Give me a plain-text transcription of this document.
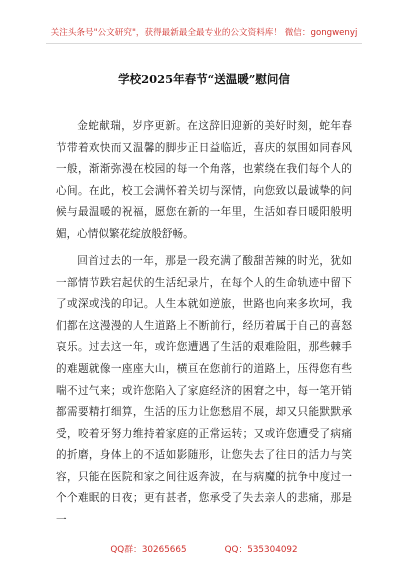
关注头条号"公文研究"，获得最新最全最专业的公文资料库！ 微信：gongwenyj
学校2025年春节“送温暖”慰问信

金蛇献瑞，岁序更新。在这辞旧迎新的美好时刻，蛇年春节带着欢快而又温馨的脚步正日益临近，喜庆的氛围如同春风一般，渐渐弥漫在校园的每一个角落，也萦绕在我们每个人的心间。在此，校工会满怀着关切与深情，向您致以最诚挚的问候与最温暖的祝福，愿您在新的一年里，生活如春日暖阳般明媚，心情似繁花绽放般舒畅。

回首过去的一年，那是一段充满了酸甜苦辣的时光，犹如一部情节跌宕起伏的生活纪录片，在每个人的生命轨迹中留下了或深或浅的印记。人生本就如逆旅，世路也向来多坎坷，我们都在这漫漫的人生道路上不断前行，经历着属于自己的喜怒哀乐。过去这一年，或许您遭遇了生活的艰难险阻，那些棘手的难题就像一座座大山，横亘在您前行的道路上，压得您有些喘不过气来；或许您陷入了家庭经济的困窘之中，每一笔开销都需要精打细算，生活的压力让您愁眉不展，却又只能默默承受，咬着牙努力维持着家庭的正常运转；又或许您遭受了病痛的折磨，身体上的不适如影随形，让您失去了往日的活力与笑容，只能在医院和家之间往返奔波，在与病魔的抗争中度过一个个难眠的日夜；更有甚者，您承受了失去亲人的悲痛，那是一

QQ群：30265665	QQ：535304092
